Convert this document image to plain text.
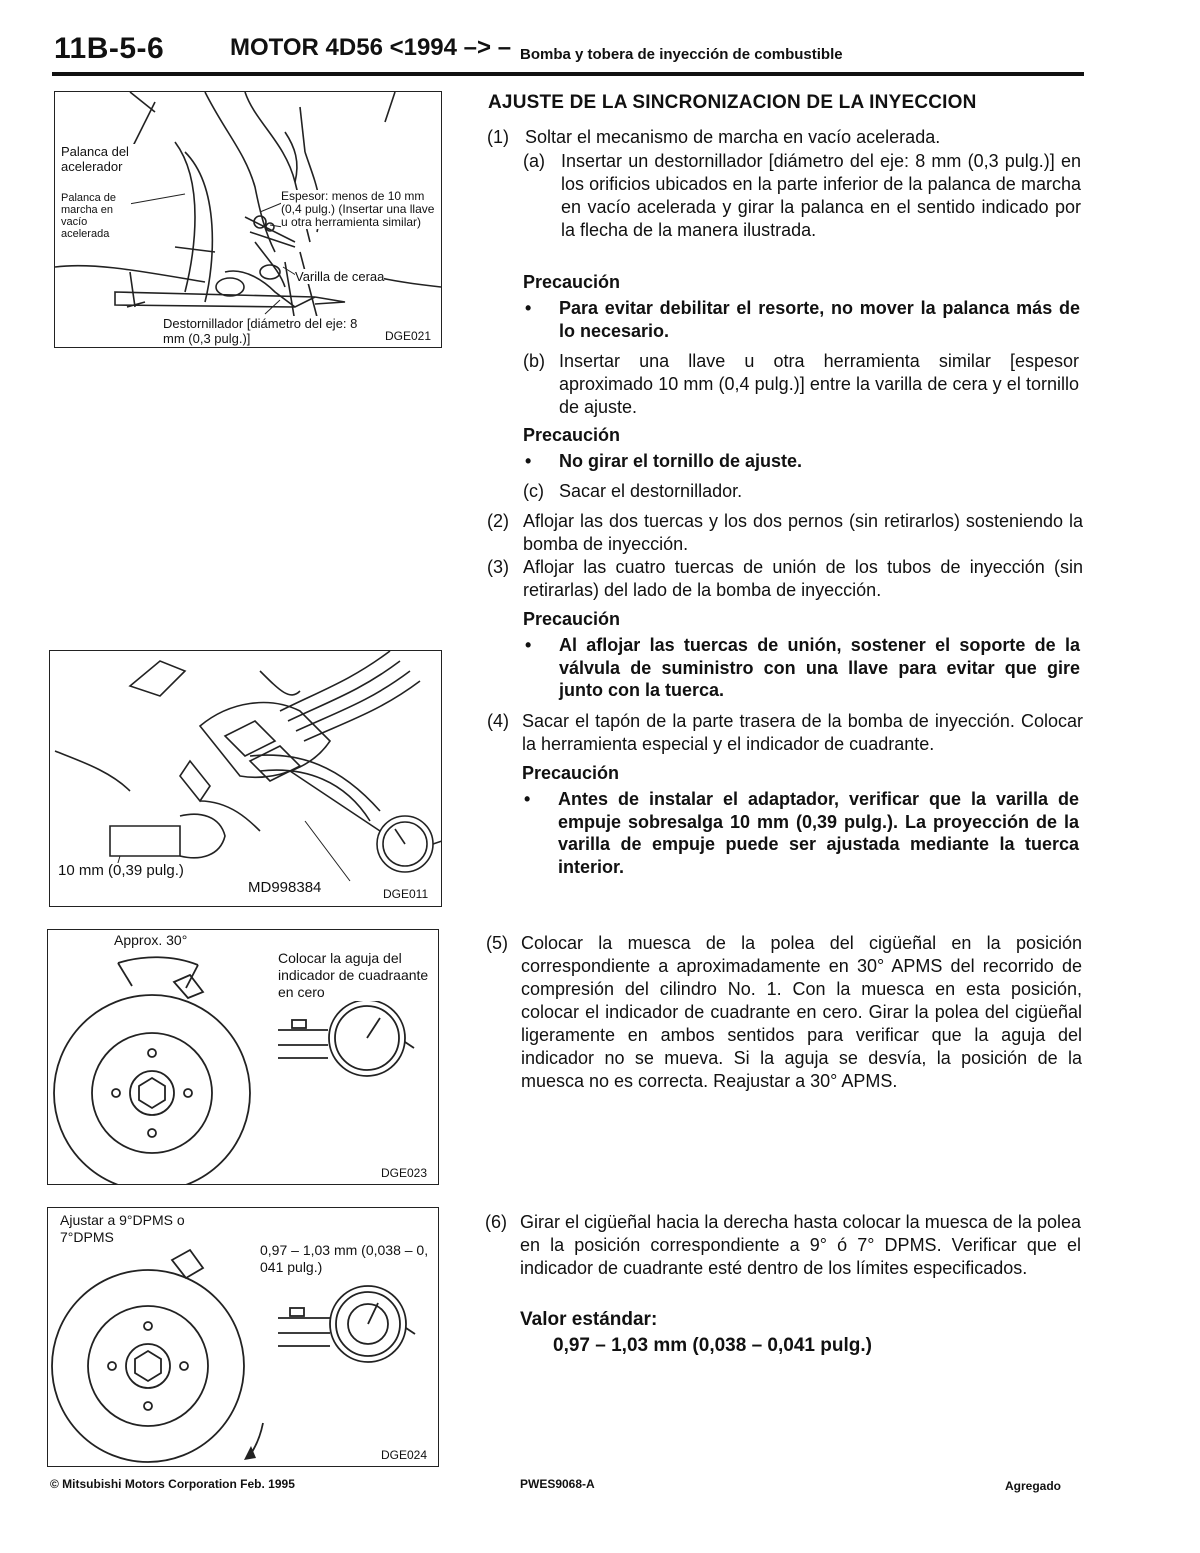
11B-5-6	MOTOR 4D56 <1994 –> – Bomba y tobera de inyección de combustible
Palanca del acelerador
Palanca de marcha en vacío acelerada
Espesor: menos de 10 mm (0,4 pulg.) (Insertar una llave u otra herramienta similar)
Varilla de ceraa
Destornillador [diámetro del eje: 8 mm (0,3 pulg.)]	DGE021
10 mm (0,39 pulg.)
MD998384	DGE011
Approx. 30°
Colocar la aguja del indicador de cuadraante en cero
DGE023
Ajustar a 9°DPMS o 7°DPMS
0,97 – 1,03 mm (0,038 – 0, 041 pulg.)
DGE024
AJUSTE DE LA SINCRONIZACION DE LA INYECCION
(1) Soltar el mecanismo de marcha en vacío acelerada.
(a) Insertar un destornillador [diámetro del eje: 8 mm (0,3 pulg.)] en los orificios ubicados en la parte inferior de la palanca de marcha en vacío acelerada y girar la palanca en el sentido indicado por la flecha de la manera ilustrada.
Precaución
• Para evitar debilitar el resorte, no mover la palanca más de lo necesario.
(b) Insertar una llave u otra herramienta similar [espesor aproximado 10 mm (0,4 pulg.)] entre la varilla de cera y el tornillo de ajuste.
Precaución
• No girar el tornillo de ajuste.
(c) Sacar el destornillador.
(2) Aflojar las dos tuercas y los dos pernos (sin retirarlos) sosteniendo la bomba de inyección.
(3) Aflojar las cuatro tuercas de unión de los tubos de inyección (sin retirarlas) del lado de la bomba de inyección.
Precaución
• Al aflojar las tuercas de unión, sostener el soporte de la válvula de suministro con una llave para evitar que gire junto con la tuerca.
(4) Sacar el tapón de la parte trasera de la bomba de inyección. Colocar la herramienta especial y el indicador de cuadrante.
Precaución
• Antes de instalar el adaptador, verificar que la varilla de empuje sobresalga 10 mm (0,39 pulg.). La proyección de la varilla de empuje puede ser ajustada mediante la tuerca interior.
(5) Colocar la muesca de la polea del cigüeñal en la posición correspondiente a aproximadamente en 30° APMS del recorrido de compresión del cilindro No. 1. Con la muesca en esta posición, colocar el indicador de cuadrante en cero. Girar la polea del cigüeñal ligeramente en ambos sentidos para verificar que la aguja del indicador no se mueva. Si la aguja se desvía, la posición de la muesca no es correcta. Reajustar a 30° APMS.
(6) Girar el cigüeñal hacia la derecha hasta colocar la muesca de la polea en la posición correspondiente a 9° ó 7° DPMS. Verificar que el indicador de cuadrante esté dentro de los límites especificados.
Valor estándar:
0,97 – 1,03 mm (0,038 – 0,041 pulg.)
© Mitsubishi Motors Corporation Feb. 1995	PWES9068-A	Agregado
